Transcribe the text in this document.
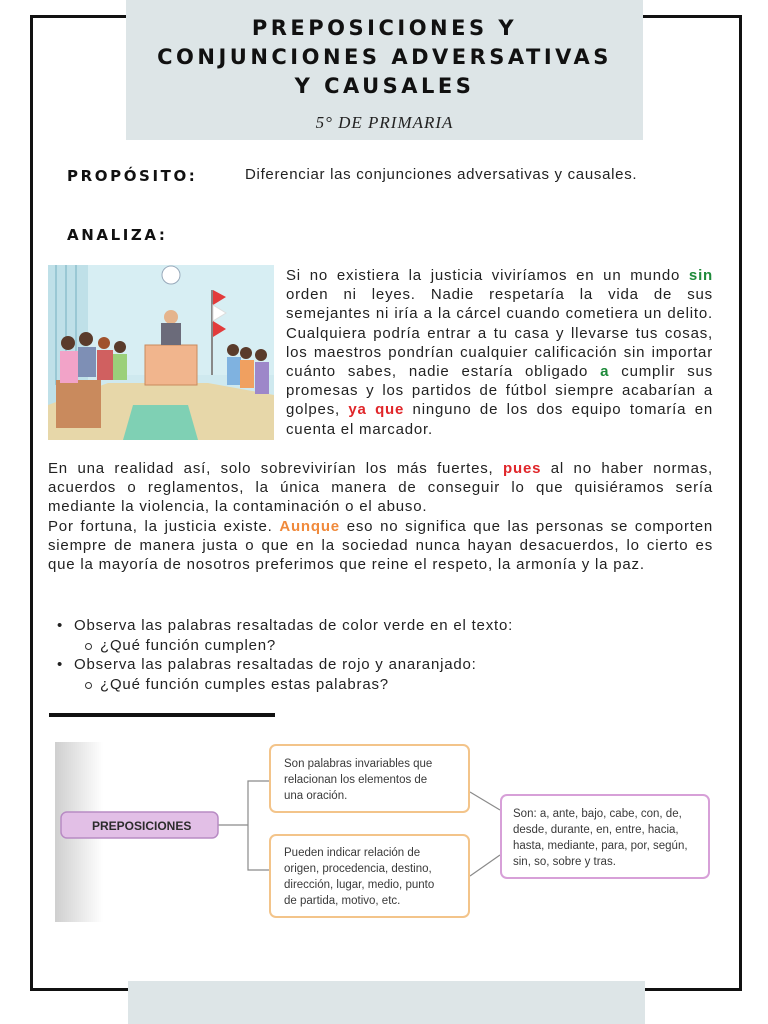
PREPOSICIONES Y
CONJUNCIONES ADVERSATIVAS
Y CAUSALES
5° DE PRIMARIA
PROPÓSITO:	Diferenciar las conjunciones adversativas y causales.
ANALIZA:

Si no existiera la justicia viviríamos en un mundo sin orden ni leyes. Nadie respetaría la vida de sus semejantes ni iría a la cárcel cuando cometiera un delito. Cualquiera podría entrar a tu casa y llevarse tus cosas, los maestros pondrían cualquier calificación sin importar cuánto sabes, nadie estaría obligado a cumplir sus promesas y los partidos de fútbol siempre acabarían a golpes, ya que ninguno de los dos equipo tomaría en cuenta el marcador.

En una realidad así, solo sobrevivirían los más fuertes, pues al no haber normas, acuerdos o reglamentos, la única manera de conseguir lo que quisiéramos sería mediante la violencia, la contaminación o el abuso.

Por fortuna, la justicia existe. Aunque eso no significa que las personas se comporten siempre de manera justa o que en la sociedad nunca hayan desacuerdos, lo cierto es que la mayoría de nosotros preferimos que reine el respeto, la armonía y la paz.

• Observa las palabras resaltadas de color verde en el texto:
¿Qué función cumplen?
• Observa las palabras resaltadas de rojo y anaranjado:
¿Qué función cumples estas palabras?
PREPOSICIONES
Son palabras invariables que
relacionan los elementos de
una oración.
Pueden indicar relación de
origen, procedencia, destino,
dirección, lugar, medio, punto
de partida, motivo, etc.
Son: a, ante, bajo, cabe, con, de,
desde, durante, en, entre, hacia,
hasta, mediante, para, por, según,
sin, so, sobre y tras.
